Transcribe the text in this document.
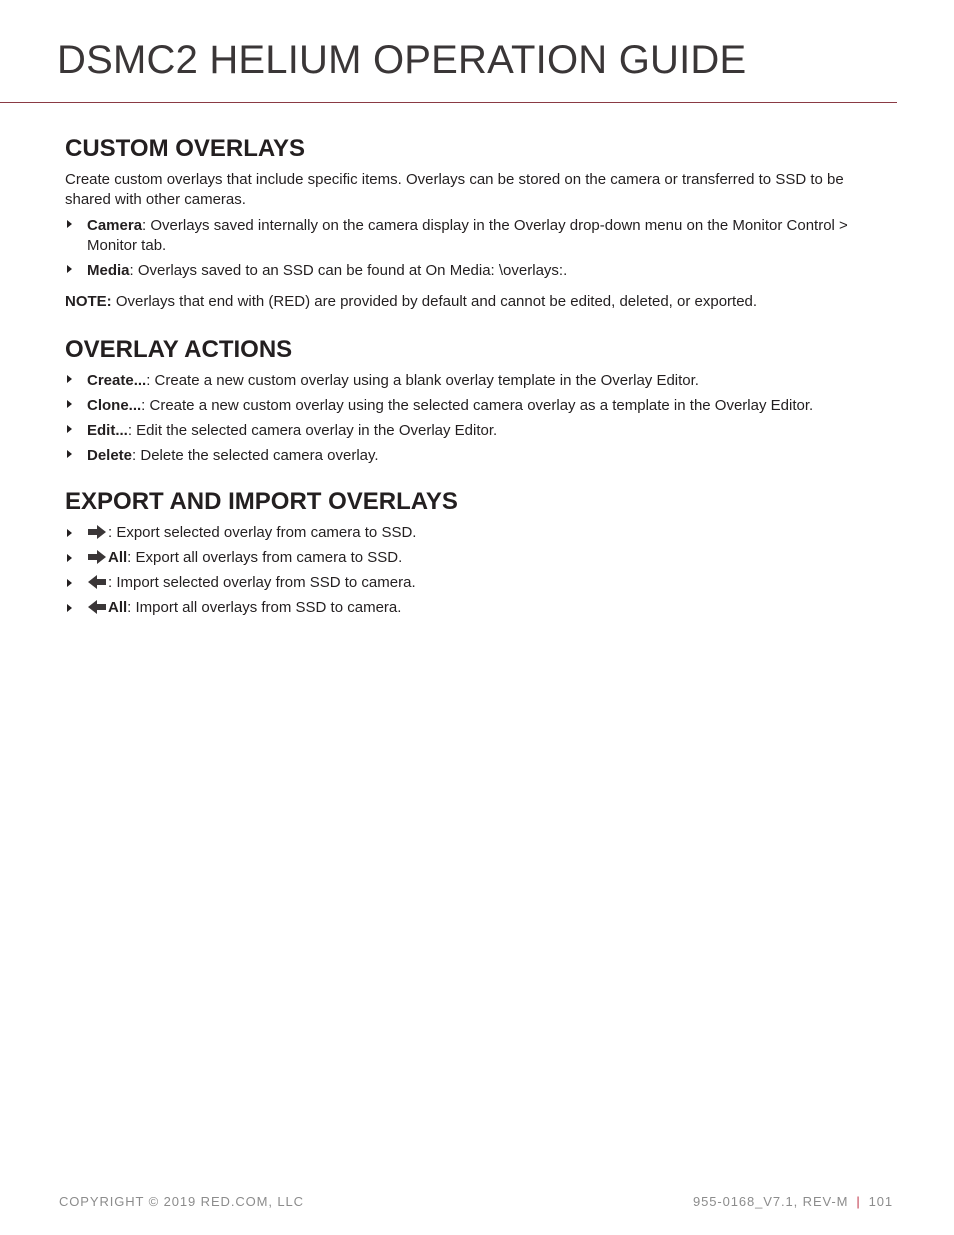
DSMC2 HELIUM OPERATION GUIDE
CUSTOM OVERLAYS

Create custom overlays that include specific items. Overlays can be stored on the camera or transferred to SSD to be shared with other cameras.

Camera: Overlays saved internally on the camera display in the Overlay drop-down menu on the Monitor Control > Monitor tab.
Media: Overlays saved to an SSD can be found at On Media: \overlays:.

NOTE: Overlays that end with (RED) are provided by default and cannot be edited, deleted, or exported.

OVERLAY ACTIONS
Create...: Create a new custom overlay using a blank overlay template in the Overlay Editor.
Clone...: Create a new custom overlay using the selected camera overlay as a template in the Overlay Editor.
Edit...: Edit the selected camera overlay in the Overlay Editor.
Delete: Delete the selected camera overlay.
EXPORT AND IMPORT OVERLAYS
: Export selected overlay from camera to SSD.
All: Export all overlays from camera to SSD.
: Import selected overlay from SSD to camera.
All: Import all overlays from SSD to camera.
COPYRIGHT © 2019 RED.COM, LLC	955-0168_V7.1, REV-M | 101
